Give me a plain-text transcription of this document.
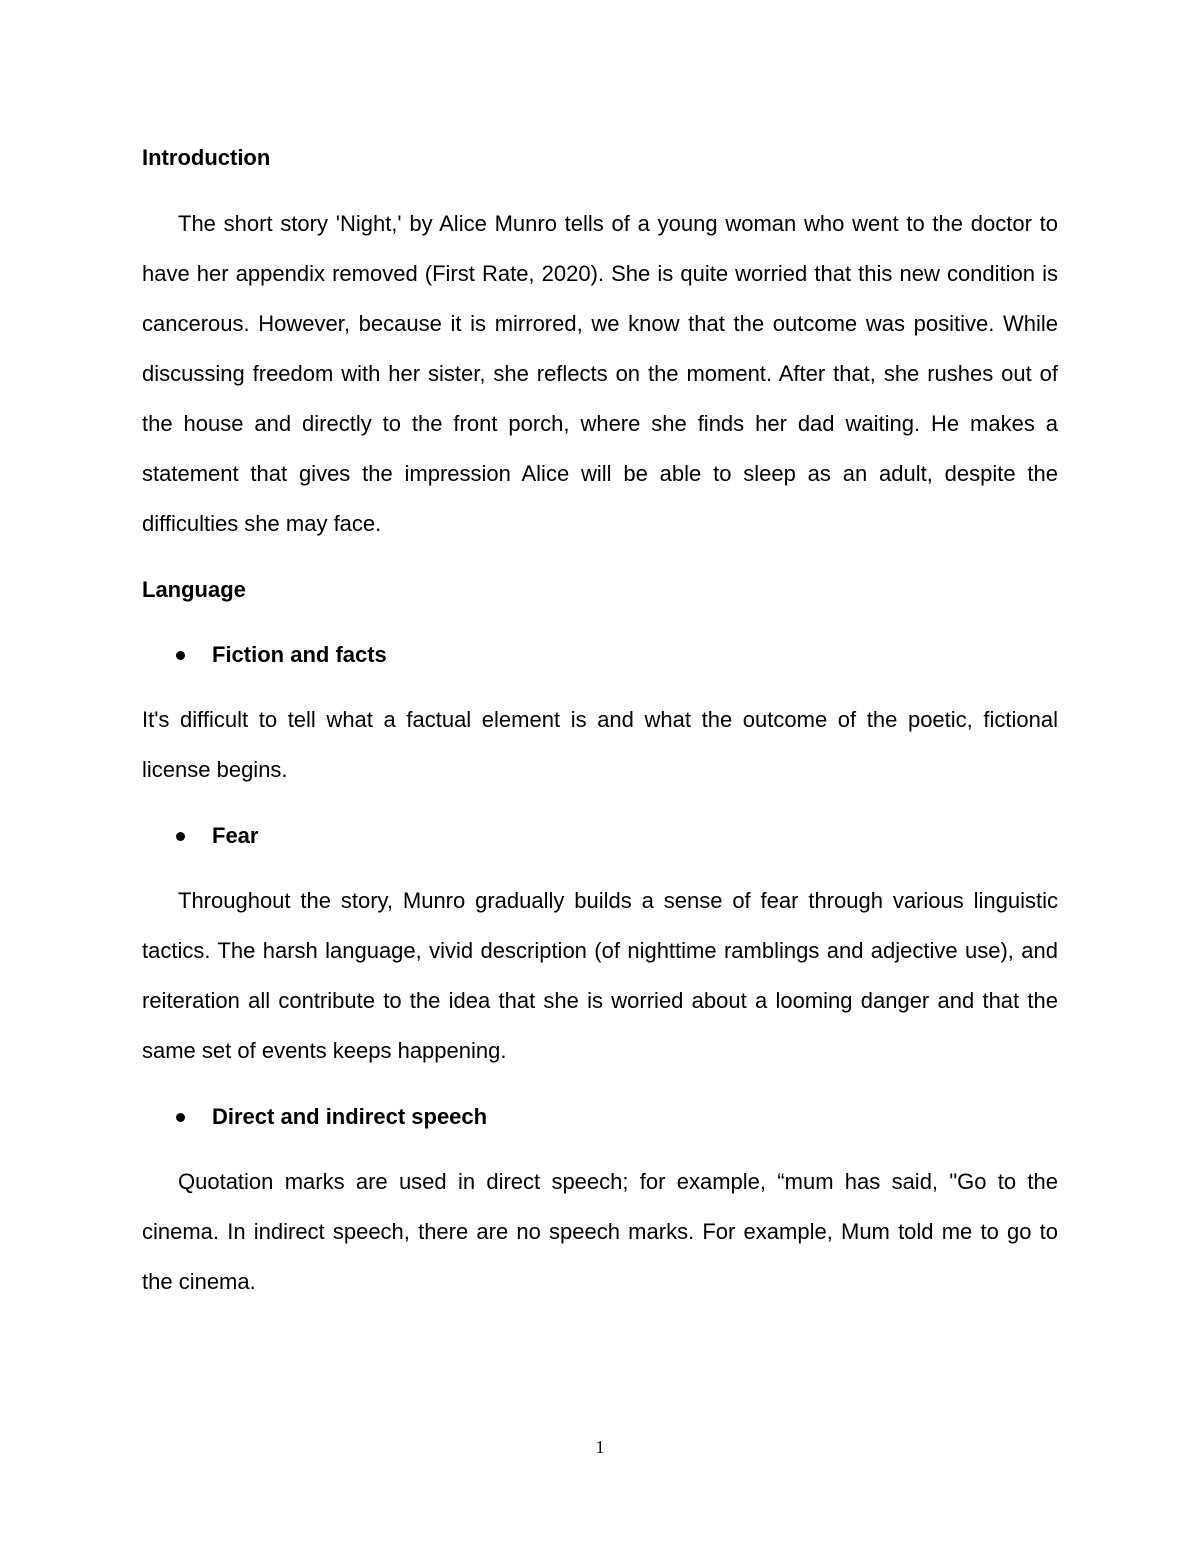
Introduction

The short story 'Night,' by Alice Munro tells of a young woman who went to the doctor to have her appendix removed (First Rate, 2020). She is quite worried that this new condition is cancerous. However, because it is mirrored, we know that the outcome was positive. While discussing freedom with her sister, she reflects on the moment. After that, she rushes out of the house and directly to the front porch, where she finds her dad waiting. He makes a statement that gives the impression Alice will be able to sleep as an adult, despite the difficulties she may face.

Language
Fiction and facts

It's difficult to tell what a factual element is and what the outcome of the poetic, fictional license begins.

Fear

Throughout the story, Munro gradually builds a sense of fear through various linguistic tactics. The harsh language, vivid description (of nighttime ramblings and adjective use), and reiteration all contribute to the idea that she is worried about a looming danger and that the same set of events keeps happening.

Direct and indirect speech

Quotation marks are used in direct speech; for example, “mum has said, "Go to the cinema. In indirect speech, there are no speech marks. For example, Mum told me to go to the cinema.

1
